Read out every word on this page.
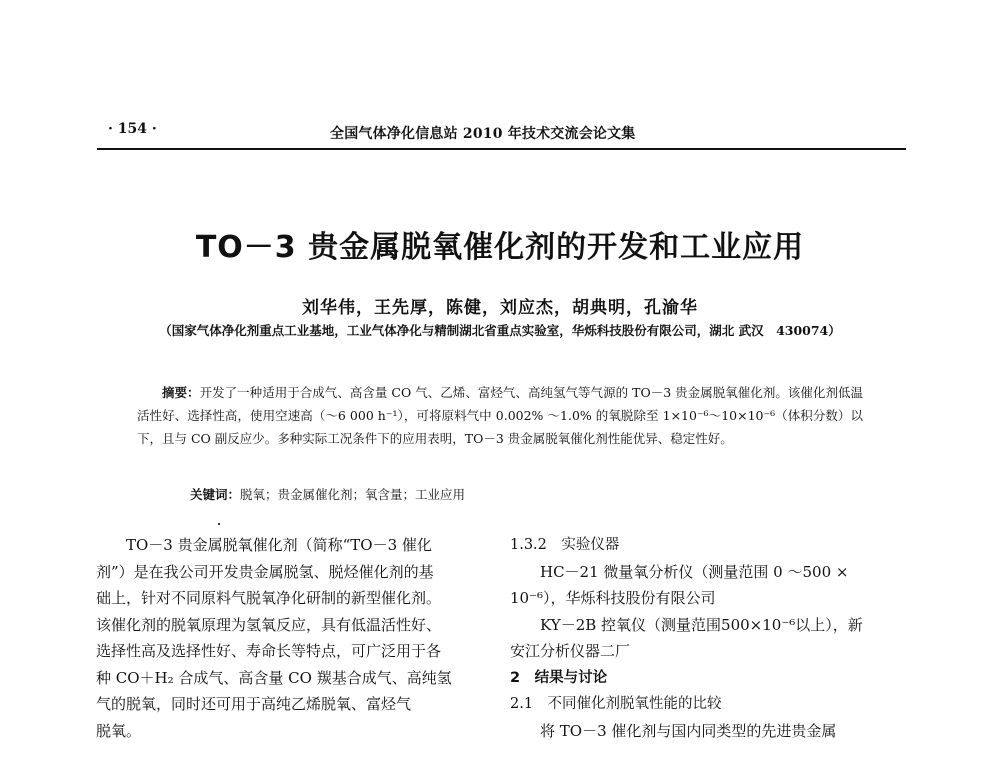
· 154 ·	全国气体净化信息站 2010 年技术交流会论文集
TO－3 贵金属脱氧催化剂的开发和工业应用
刘华伟，王先厚，陈健，刘应杰，胡典明，孔渝华
（国家气体净化剂重点工业基地，工业气体净化与精制湖北省重点实验室，华烁科技股份有限公司，湖北 武汉　430074）
摘要：开发了一种适用于合成气、高含量 CO 气、乙烯、富烃气、高纯氢气等气源的 TO－3 贵金属脱氧催化剂。该催化剂低温活性好、选择性高，使用空速高（～6 000 h⁻¹），可将原料气中 0.002% ～1.0% 的氧脱除至 1×10⁻⁶～10×10⁻⁶（体积分数）以下，且与 CO 副反应少。多种实际工况条件下的应用表明，TO－3 贵金属脱氧催化剂性能优异、稳定性好。
关键词：脱氧；贵金属催化剂；氧含量；工业应用
TO－3 贵金属脱氧催化剂（简称“TO－3 催化
剂”）是在我公司开发贵金属脱氢、脱烃催化剂的基
础上，针对不同原料气脱氧净化研制的新型催化剂。
该催化剂的脱氧原理为氢氧反应，具有低温活性好、
选择性高及选择性好、寿命长等特点，可广泛用于各
种 CO＋H₂ 合成气、高含量 CO 羰基合成气、高纯氢
气的脱氧，同时还可用于高纯乙烯脱氧、富烃气
脱氧。
1.3.2　实验仪器
HC－21 微量氧分析仪（测量范围 0 ～500 ×
10⁻⁶），华烁科技股份有限公司
KY－2B 控氧仪（测量范围500×10⁻⁶以上），新
安江分析仪器二厂
2　结果与讨论
2.1　不同催化剂脱氧性能的比较
将 TO－3 催化剂与国内同类型的先进贵金属
